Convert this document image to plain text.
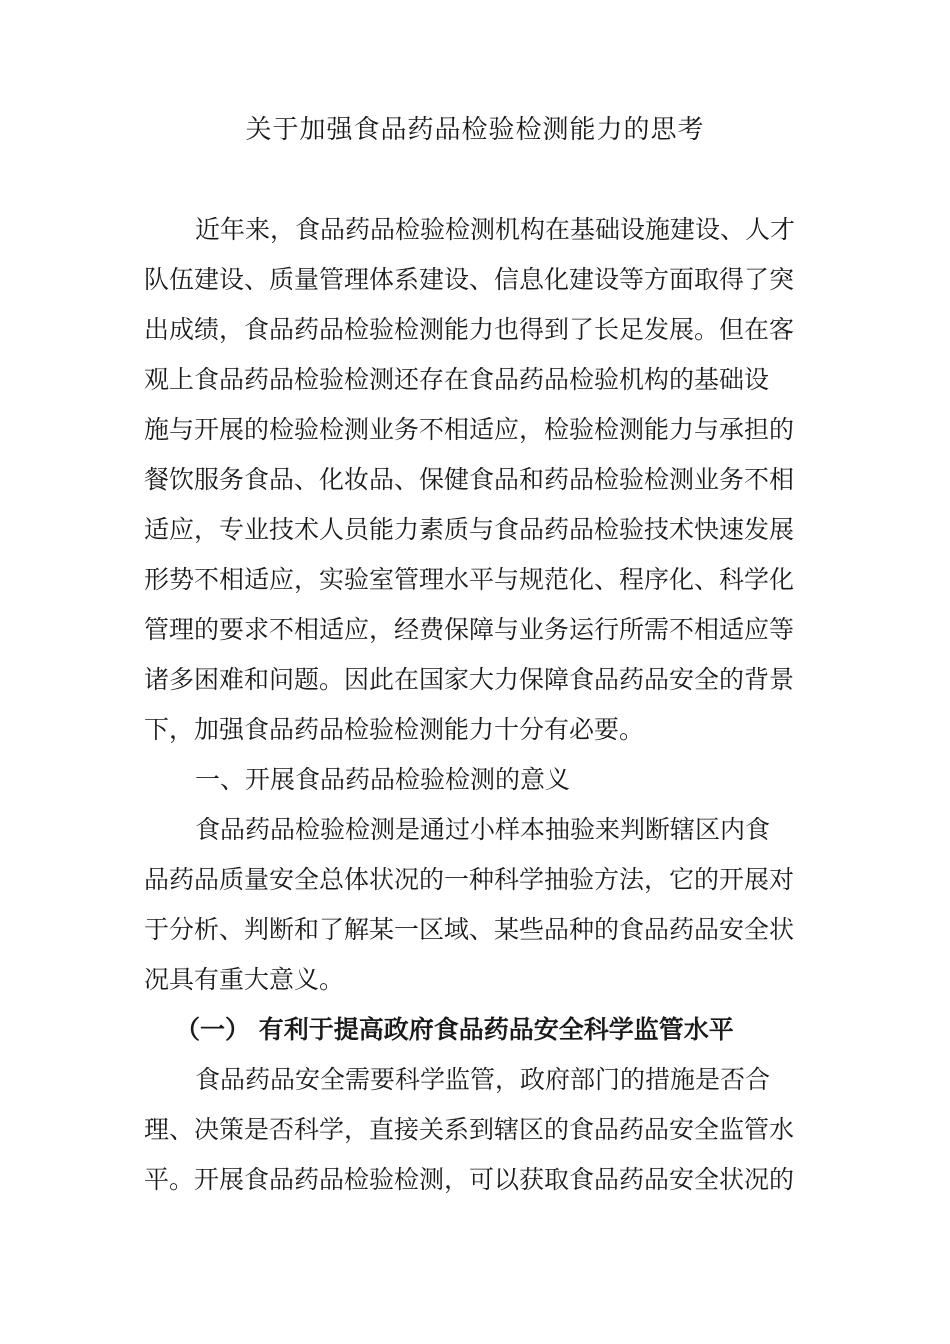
关于加强食品药品检验检测能力的思考
近年来，食品药品检验检测机构在基础设施建设、人才
队伍建设、质量管理体系建设、信息化建设等方面取得了突
出成绩，食品药品检验检测能力也得到了长足发展。但在客
观上食品药品检验检测还存在食品药品检验机构的基础设
施与开展的检验检测业务不相适应，检验检测能力与承担的
餐饮服务食品、化妆品、保健食品和药品检验检测业务不相
适应，专业技术人员能力素质与食品药品检验技术快速发展
形势不相适应，实验室管理水平与规范化、程序化、科学化
管理的要求不相适应，经费保障与业务运行所需不相适应等
诸多困难和问题。因此在国家大力保障食品药品安全的背景
下，加强食品药品检验检测能力十分有必要。
一、开展食品药品检验检测的意义
食品药品检验检测是通过小样本抽验来判断辖区内食
品药品质量安全总体状况的一种科学抽验方法，它的开展对
于分析、判断和了解某一区域、某些品种的食品药品安全状
况具有重大意义。
（一） 有利于提高政府食品药品安全科学监管水平
食品药品安全需要科学监管，政府部门的措施是否合
理、决策是否科学，直接关系到辖区的食品药品安全监管水
平。开展食品药品检验检测，可以获取食品药品安全状况的
